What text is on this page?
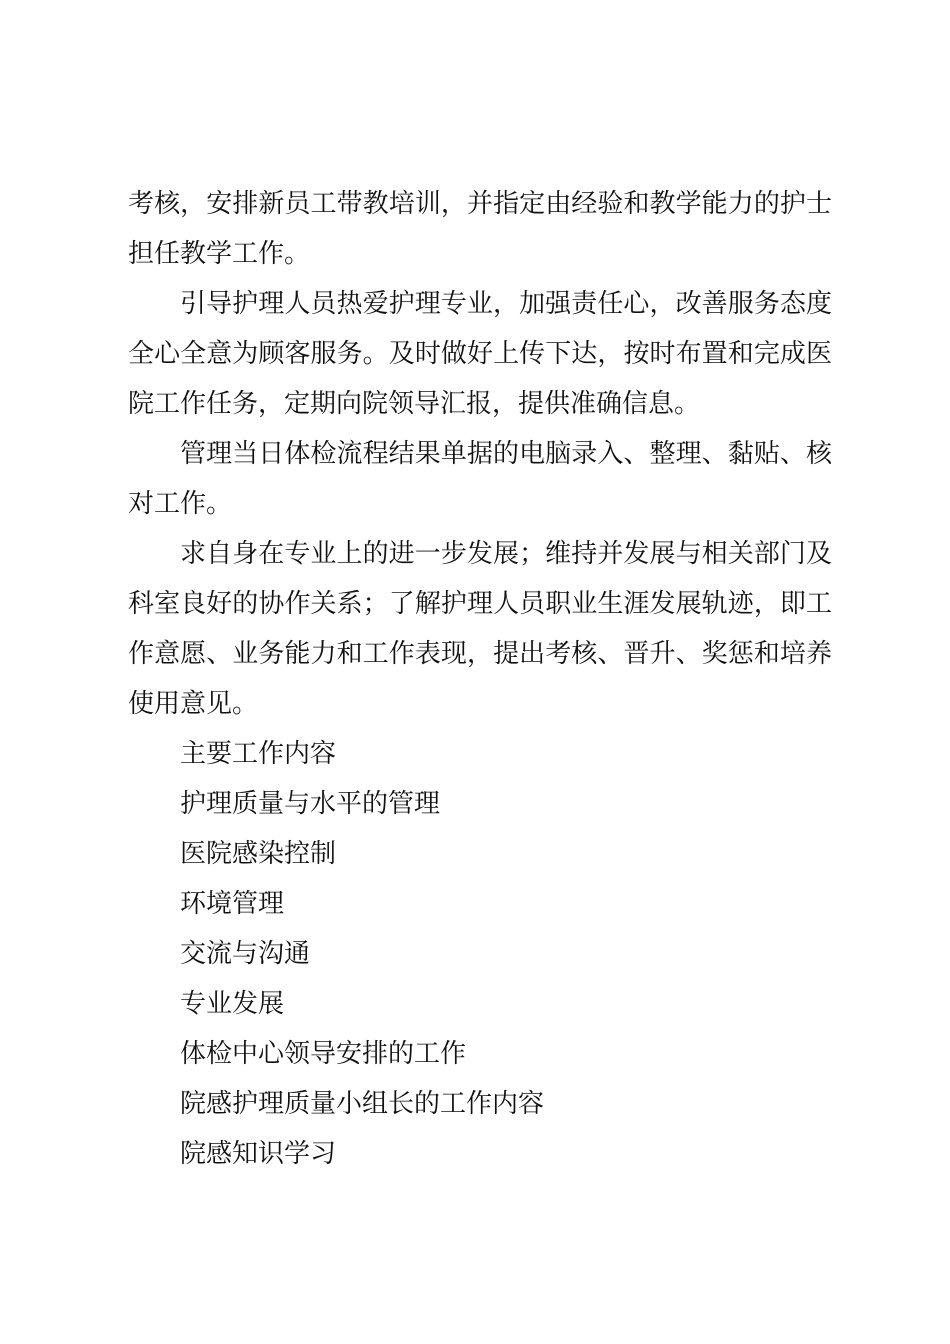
考核，安排新员工带教培训，并指定由经验和教学能力的护士担任教学工作。

引导护理人员热爱护理专业，加强责任心，改善服务态度全心全意为顾客服务。及时做好上传下达，按时布置和完成医院工作任务，定期向院领导汇报，提供准确信息。

管理当日体检流程结果单据的电脑录入、整理、黏贴、核对工作。

求自身在专业上的进一步发展；维持并发展与相关部门及科室良好的协作关系；了解护理人员职业生涯发展轨迹，即工作意愿、业务能力和工作表现，提出考核、晋升、奖惩和培养使用意见。

主要工作内容

护理质量与水平的管理

医院感染控制

环境管理

交流与沟通

专业发展

体检中心领导安排的工作

院感护理质量小组长的工作内容

院感知识学习
